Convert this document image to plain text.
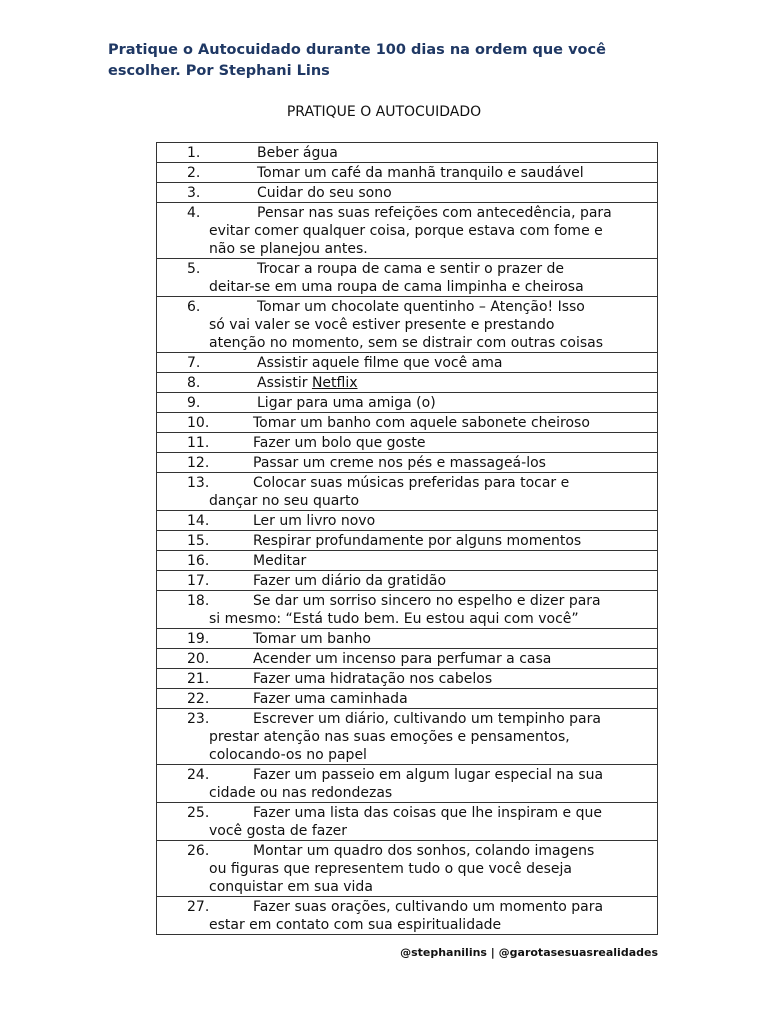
Pratique o Autocuidado durante 100 dias na ordem que você
escolher. Por Stephani Lins

PRATIQUE O AUTOCUIDADO

1.	Beber água

2.	Tomar um café da manhã tranquilo e saudável

3.	Cuidar do seu sono

4.	Pensar nas suas refeições com antecedência, para
evitar comer qualquer coisa, porque estava com fome e
não se planejou antes.

5.	Trocar a roupa de cama e sentir o prazer de
deitar-se em uma roupa de cama limpinha e cheirosa

6.	Tomar um chocolate quentinho – Atenção! Isso
só vai valer se você estiver presente e prestando
atenção no momento, sem se distrair com outras coisas

7.	Assistir aquele filme que você ama

8.	Assistir Netflix

9.	Ligar para uma amiga (o)

10.	Tomar um banho com aquele sabonete cheiroso

11.	Fazer um bolo que goste

12.	Passar um creme nos pés e massageá-los

13.	Colocar suas músicas preferidas para tocar e
dançar no seu quarto

14.	Ler um livro novo

15.	Respirar profundamente por alguns momentos

16.	Meditar

17.	Fazer um diário da gratidão

18.	Se dar um sorriso sincero no espelho e dizer para
si mesmo: “Está tudo bem. Eu estou aqui com você”

19.	Tomar um banho

20.	Acender um incenso para perfumar a casa

21.	Fazer uma hidratação nos cabelos

22.	Fazer uma caminhada

23.	Escrever um diário, cultivando um tempinho para
prestar atenção nas suas emoções e pensamentos,
colocando-os no papel

24.	Fazer um passeio em algum lugar especial na sua
cidade ou nas redondezas

25.	Fazer uma lista das coisas que lhe inspiram e que
você gosta de fazer

26.	Montar um quadro dos sonhos, colando imagens
ou figuras que representem tudo o que você deseja
conquistar em sua vida

27.	Fazer suas orações, cultivando um momento para
estar em contato com sua espiritualidade

@stephanilins | @garotasesuasrealidades
